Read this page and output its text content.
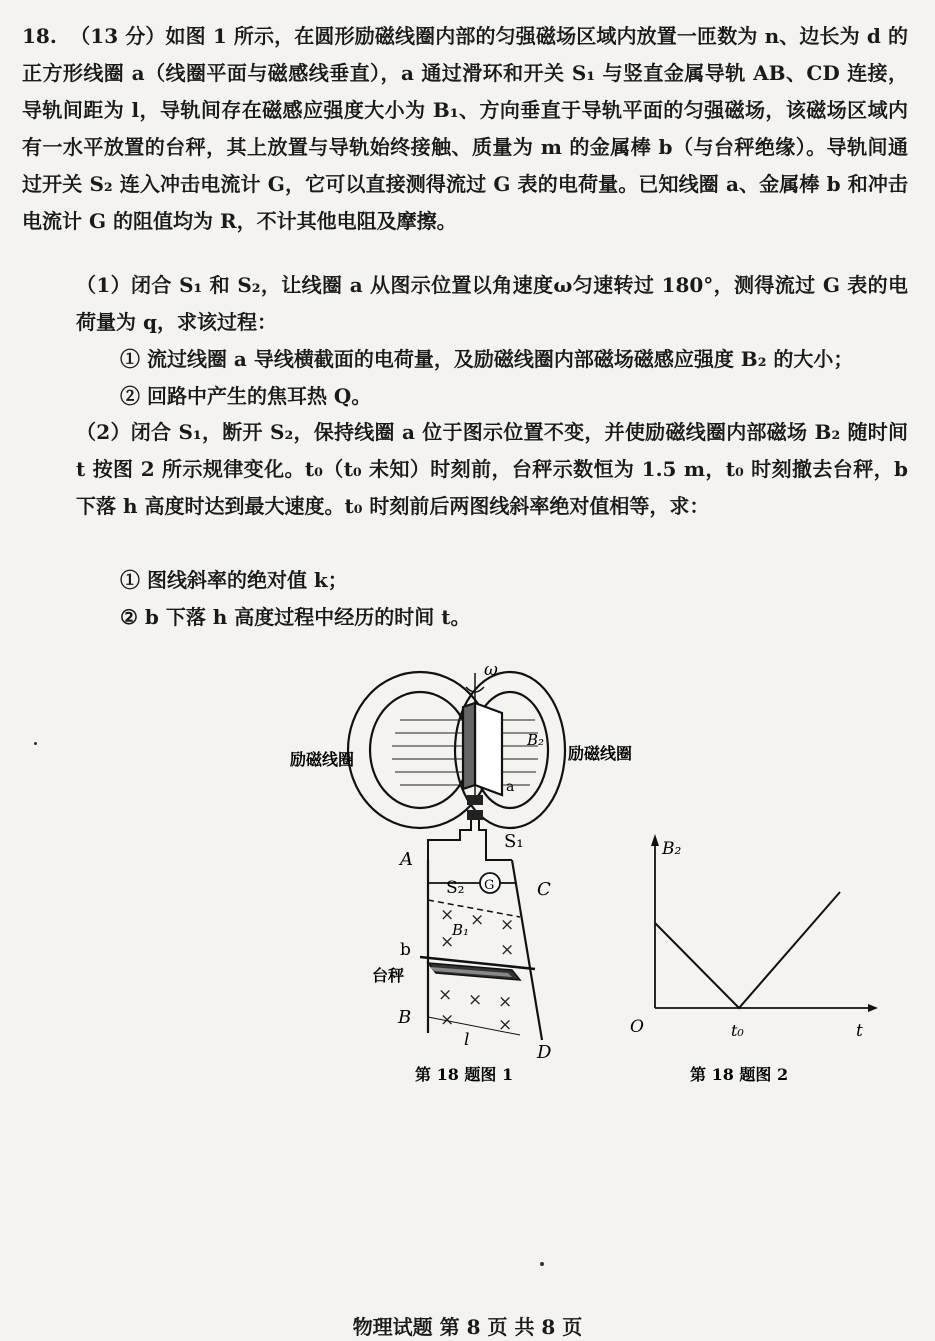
18. （13 分）如图 1 所示，在圆形励磁线圈内部的匀强磁场区域内放置一匝数为 n、边长为 d 的正方形线圈 a（线圈平面与磁感线垂直），a 通过滑环和开关 S₁ 与竖直金属导轨 AB、CD 连接，导轨间距为 l，导轨间存在磁感应强度大小为 B₁、方向垂直于导轨平面的匀强磁场，该磁场区域内有一水平放置的台秤，其上放置与导轨始终接触、质量为 m 的金属棒 b（与台秤绝缘）。导轨间通过开关 S₂ 连入冲击电流计 G，它可以直接测得流过 G 表的电荷量。已知线圈 a、金属棒 b 和冲击电流计 G 的阻值均为 R，不计其他电阻及摩擦。

（1）闭合 S₁ 和 S₂，让线圈 a 从图示位置以角速度ω匀速转过 180°，测得流过 G 表的电荷量为 q，求该过程：

① 流过线圈 a 导线横截面的电荷量，及励磁线圈内部磁场磁感应强度 B₂ 的大小；

② 回路中产生的焦耳热 Q。

（2）闭合 S₁，断开 S₂，保持线圈 a 位于图示位置不变，并使励磁线圈内部磁场 B₂ 随时间 t 按图 2 所示规律变化。t₀（t₀ 未知）时刻前，台秤示数恒为 1.5 m，t₀ 时刻撤去台秤，b 下落 h 高度时达到最大速度。t₀ 时刻前后两图线斜率绝对值相等，求：

① 图线斜率的绝对值 k；

② b 下落 h 高度过程中经历的时间 t。

ω
B₂
a
励磁线圈	励磁线圈
S₁
A
B
C
D
S₂ G
× × ×
×	×
× × ×
×	×
B₁
b
台秤
l
第 18 题图 1
B₂
t
O	t₀
第 18 题图 2
物理试题 第 8 页 共 8 页
